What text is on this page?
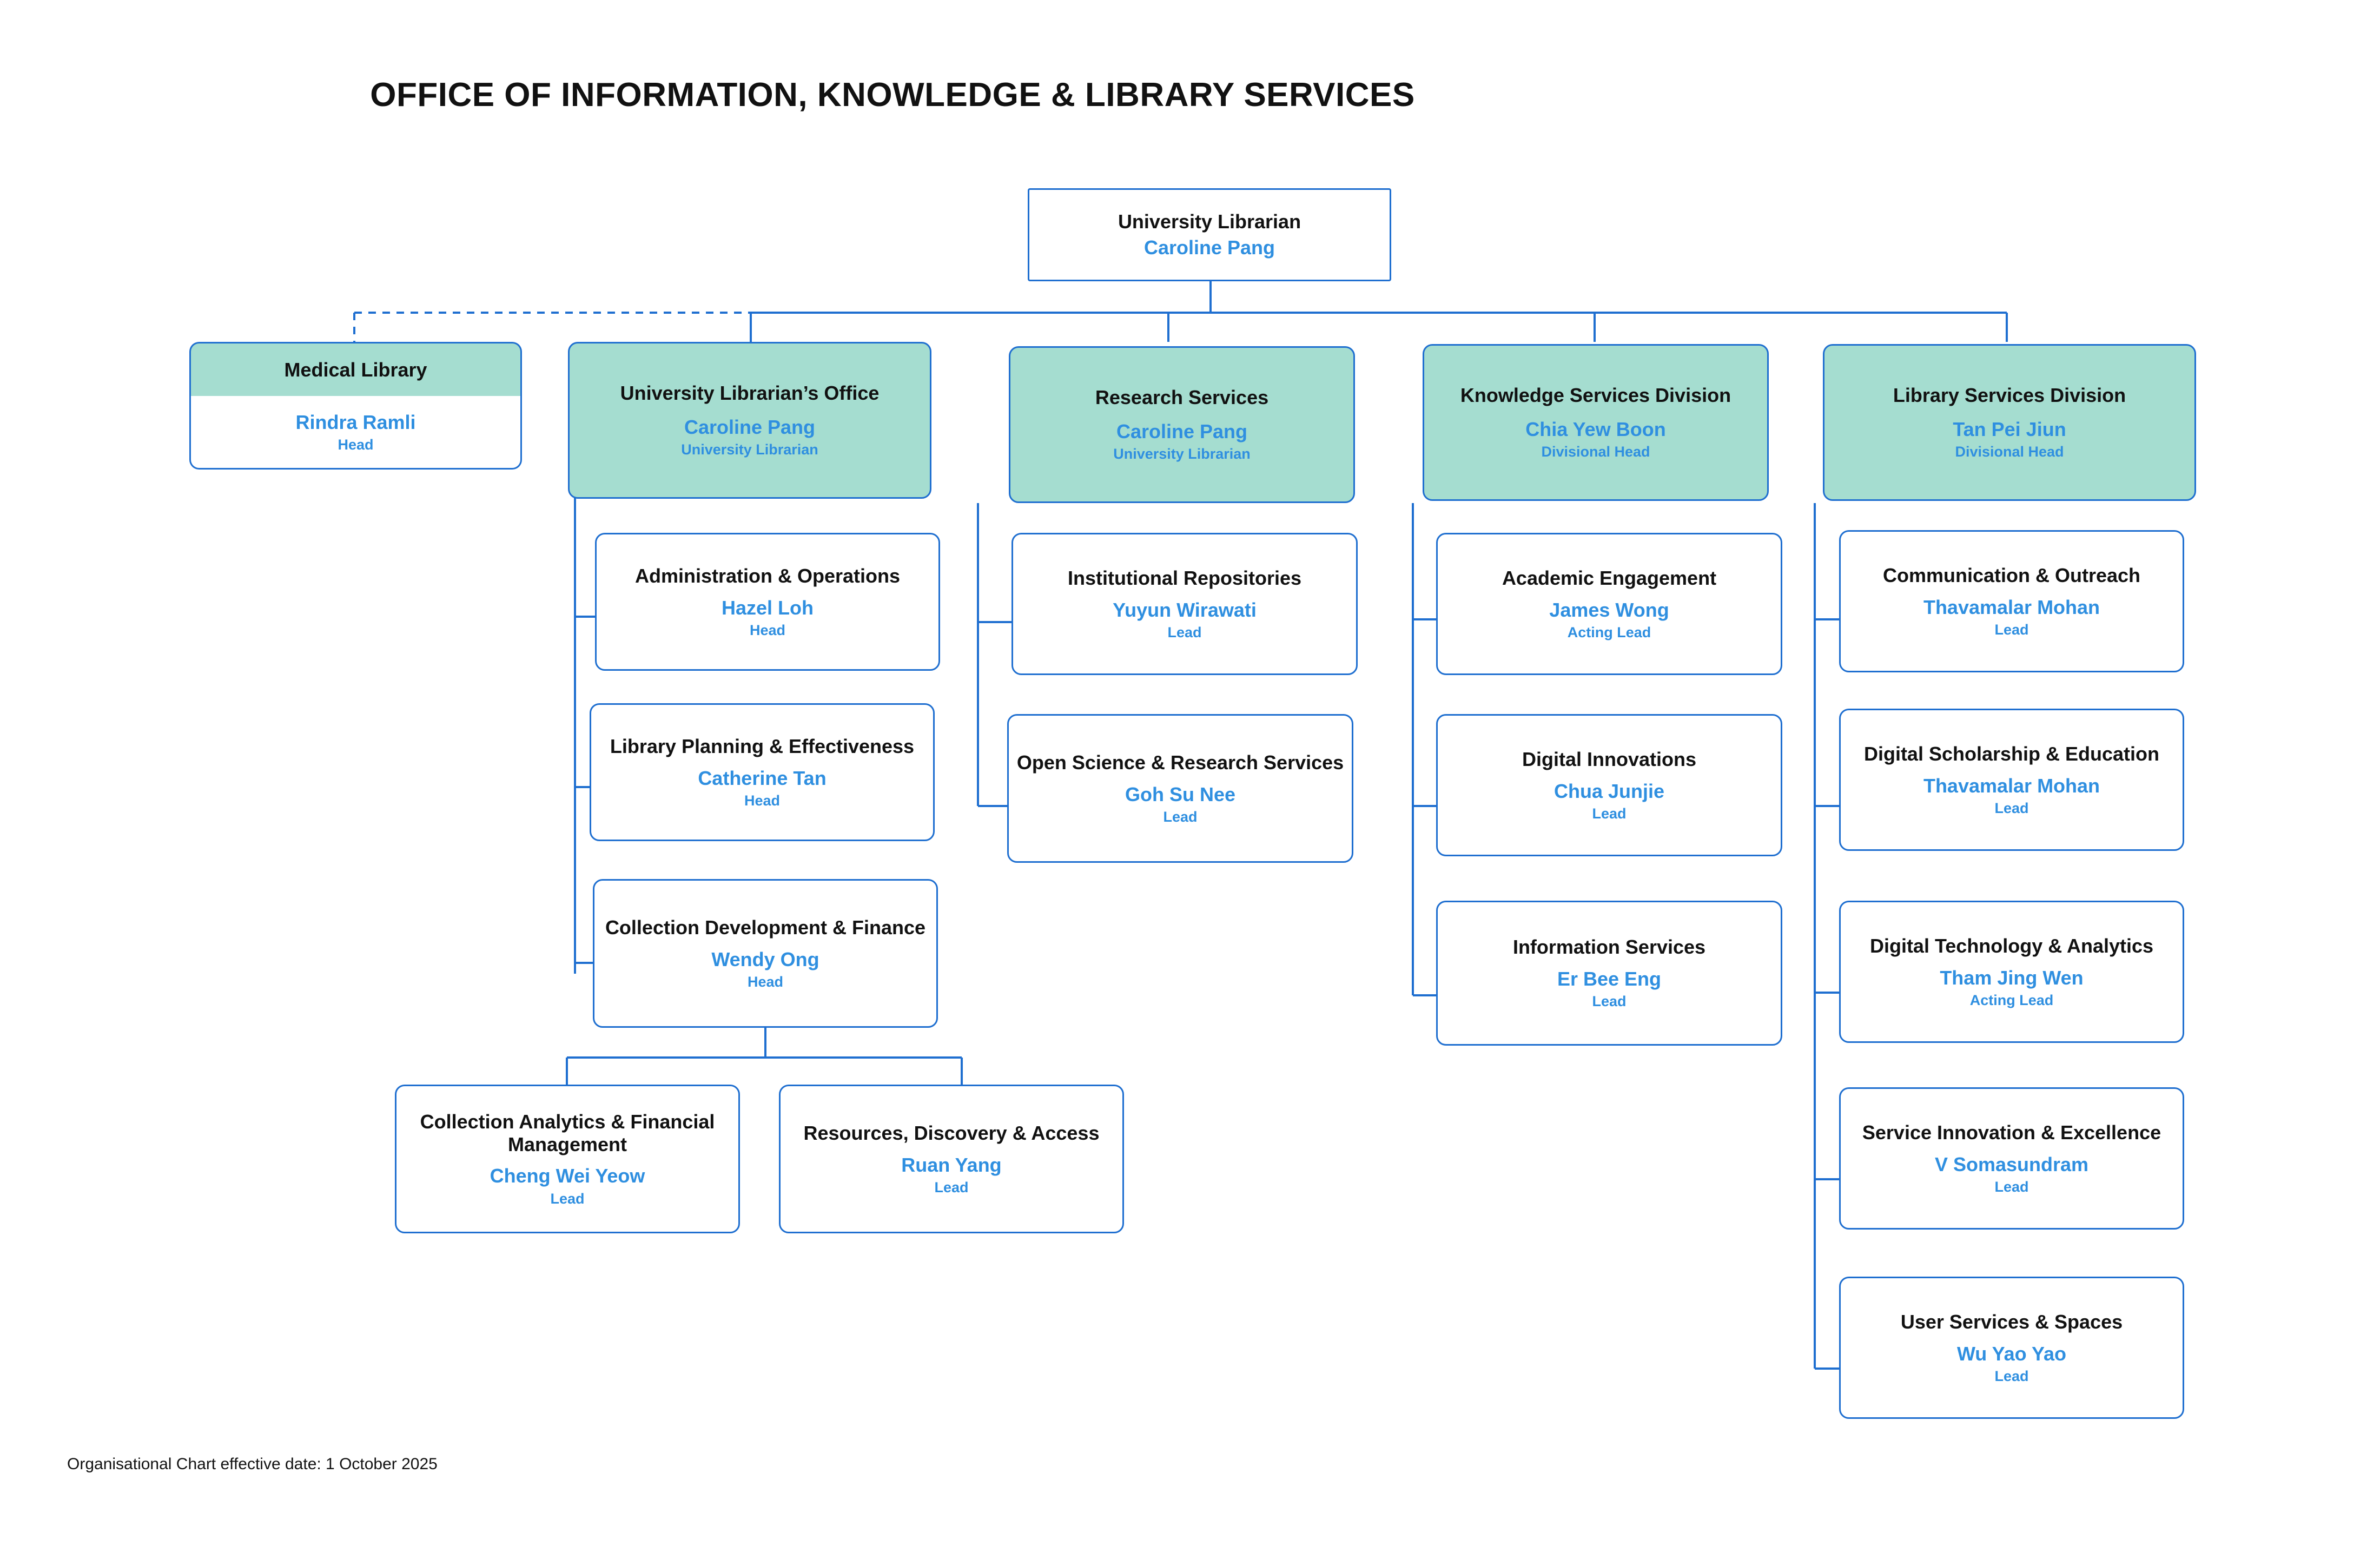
OFFICE OF INFORMATION, KNOWLEDGE & LIBRARY SERVICES
University Librarian
Caroline Pang
Medical Library
Rindra Ramli
Head
University Librarian’s Office
Caroline Pang
University Librarian
Administration & Operations
Hazel Loh
Head
Library Planning & Effectiveness
Catherine Tan
Head
Collection Development & Finance
Wendy Ong
Head
Collection Analytics & Financial Management
Cheng Wei Yeow
Lead
Resources, Discovery & Access
Ruan Yang
Lead
Research Services
Caroline Pang
University Librarian
Institutional Repositories
Yuyun Wirawati
Lead
Open Science & Research Services
Goh Su Nee
Lead
Knowledge Services Division
Chia Yew Boon
Divisional Head
Academic Engagement
James Wong
Acting Lead
Digital Innovations
Chua Junjie
Lead
Information Services
Er Bee Eng
Lead
Library Services Division
Tan Pei Jiun
Divisional Head
Communication & Outreach
Thavamalar Mohan
Lead
Digital Scholarship & Education
Thavamalar Mohan
Lead
Digital Technology & Analytics
Tham Jing Wen
Acting Lead
Service Innovation & Excellence
V Somasundram
Lead
User Services & Spaces
Wu Yao Yao
Lead
Organisational Chart effective date: 1 October 2025
